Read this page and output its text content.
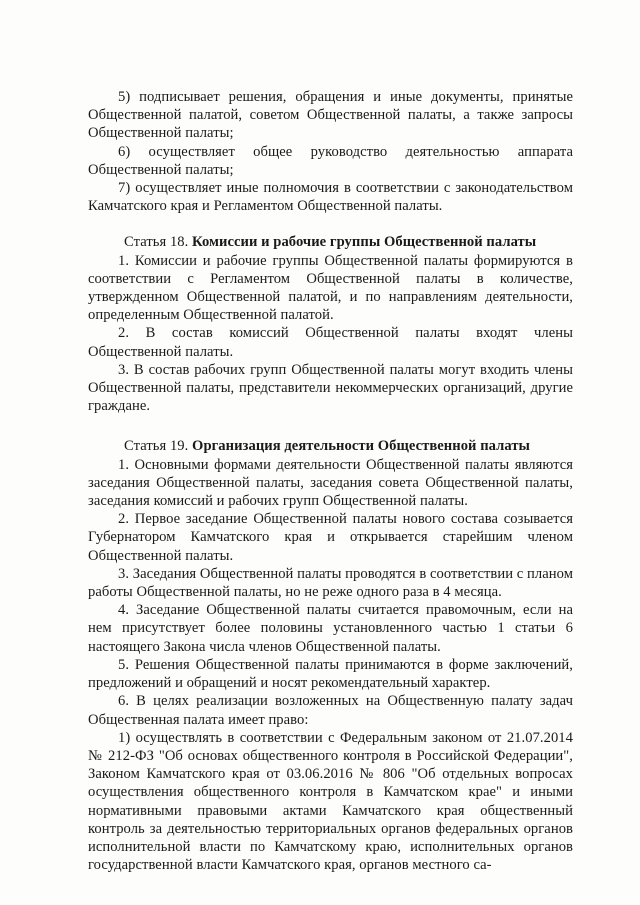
5) подписывает решения, обращения и иные документы, принятые Общественной палатой, советом Общественной палаты, а также запросы Общественной палаты;

6) осуществляет общее руководство деятельностью аппарата Общественной палаты;

7) осуществляет иные полномочия в соответствии с законодательством Камчатского края и Регламентом Общественной палаты.

Статья 18. Комиссии и рабочие группы Общественной палаты

1. Комиссии и рабочие группы Общественной палаты формируются в соответствии с Регламентом Общественной палаты в количестве, утвержденном Общественной палатой, и по направлениям деятельности, определенным Общественной палатой.

2. В состав комиссий Общественной палаты входят члены Общественной палаты.

3. В состав рабочих групп Общественной палаты могут входить члены Общественной палаты, представители некоммерческих организаций, другие граждане.

Статья 19. Организация деятельности Общественной палаты

1. Основными формами деятельности Общественной палаты являются заседания Общественной палаты, заседания совета Общественной палаты, заседания комиссий и рабочих групп Общественной палаты.

2. Первое заседание Общественной палаты нового состава созывается Губернатором Камчатского края и открывается старейшим членом Общественной палаты.

3. Заседания Общественной палаты проводятся в соответствии с планом работы Общественной палаты, но не реже одного раза в 4 месяца.

4. Заседание Общественной палаты считается правомочным, если на нем присутствует более половины установленного частью 1 статьи 6 настоящего Закона числа членов Общественной палаты.

5. Решения Общественной палаты принимаются в форме заключений, предложений и обращений и носят рекомендательный характер.

6. В целях реализации возложенных на Общественную палату задач Общественная палата имеет право:

1) осуществлять в соответствии с Федеральным законом от 21.07.2014 № 212-ФЗ "Об основах общественного контроля в Российской Федерации", Законом Камчатского края от 03.06.2016 № 806 "Об отдельных вопросах осуществления общественного контроля в Камчатском крае" и иными нормативными правовыми актами Камчатского края общественный контроль за деятельностью территориальных органов федеральных органов исполнительной власти по Камчатскому краю, исполнительных органов государственной власти Камчатского края, органов местного са-
